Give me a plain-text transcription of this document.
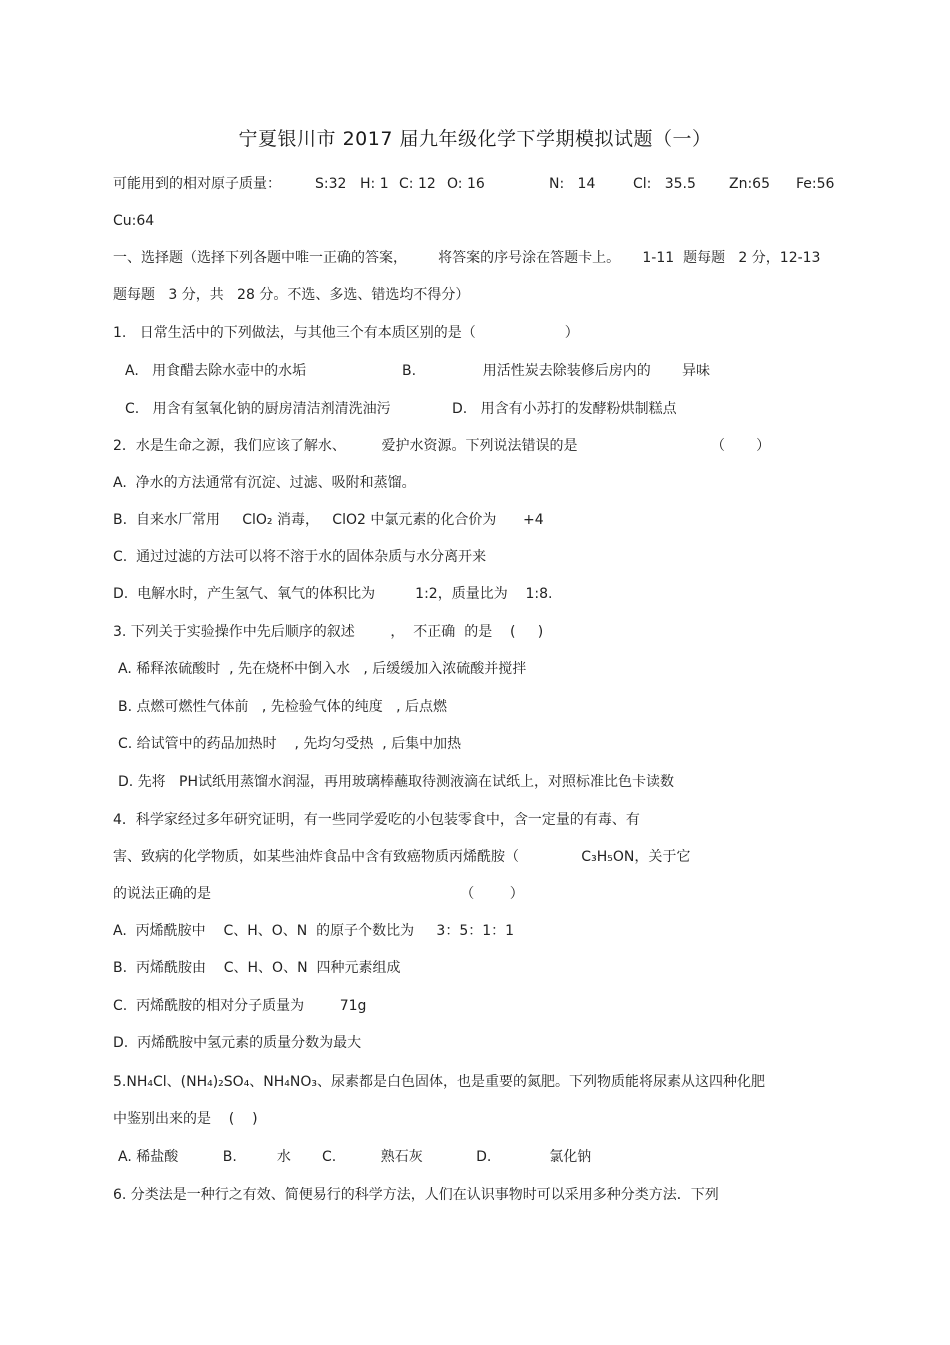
宁夏银川市 2017 届九年级化学下学期模拟试题（一）

可能用到的相对原子质量：

S:32

H: 1

C: 12

O: 16

	N:   14

	Cl:   35.5

Zn:65

Fe:56

Cu:64
一、选择题（选择下列各题中唯一正确的答案，       将答案的序号涂在答题卡上。     1-11  题每题   2 分，12-13
题每题   3 分，共   28 分。不选、多选、错选均不得分）
1.   日常生活中的下列做法，与其他三个有本质区别的是（                    ）
A.   用食醋去除水壶中的水垢	B.               用活性炭去除装修后房内的       异味
C.   用含有氢氧化钠的厨房清洁剂清洗油污	D.   用含有小苏打的发酵粉烘制糕点
2．水是生命之源，我们应该了解水、        爱护水资源。下列说法错误的是                              （       ）
A.  净水的方法通常有沉淀、过滤、吸附和蒸馏。
B.  自来水厂常用     ClO₂ 消毒，   ClO2 中氯元素的化合价为      +4
C.  通过过滤的方法可以将不溶于水的固体杂质与水分离开来
D.  电解水时，产生氢气、氧气的体积比为         1:2，质量比为    1:8.
3. 下列关于实验操作中先后顺序的叙述        ，  不正确  的是    (     )
A. 稀释浓硫酸时  , 先在烧杯中倒入水   , 后缓缓加入浓硫酸并搅拌
B. 点燃可燃性气体前   , 先检验气体的纯度   , 后点燃
C. 给试管中的药品加热时    , 先均匀受热  , 后集中加热
D. 先将   PH试纸用蒸馏水润湿，再用玻璃棒蘸取待测液滴在试纸上，对照标准比色卡读数
4．科学家经过多年研究证明，有一些同学爱吃的小包装零食中，含一定量的有毒、有
害、致病的化学物质，如某些油炸食品中含有致癌物质丙烯酰胺（              C₃H₅ON，关于它
的说法正确的是                                                        （        ）
A.  丙烯酰胺中    C、H、O、N  的原子个数比为     3：5：1：1
B.  丙烯酰胺由    C、H、O、N  四种元素组成
C.  丙烯酰胺的相对分子质量为        71g
D.  丙烯酰胺中氢元素的质量分数为最大
5.NH₄Cl、(NH₄)₂SO₄、NH₄NO₃、尿素都是白色固体，也是重要的氮肥。下列物质能将尿素从这四种化肥
中鉴别出来的是    (    )
A. 稀盐酸          B.         水       C.          熟石灰            D.             氯化钠
6. 分类法是一种行之有效、简便易行的科学方法，人们在认识事物时可以采用多种分类方法．下列
